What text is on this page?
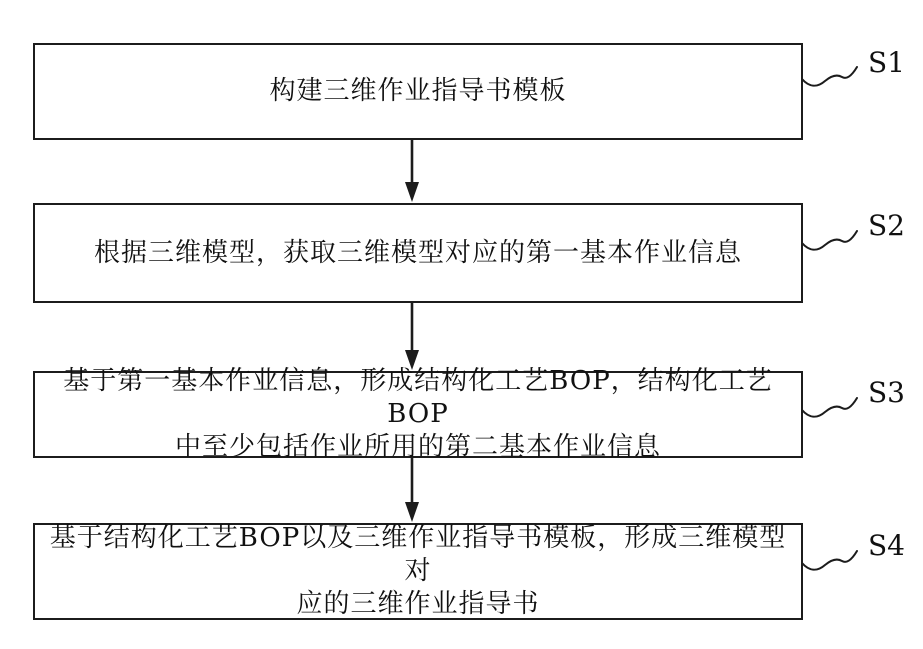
构建三维作业指导书模板
S1
根据三维模型，获取三维模型对应的第一基本作业信息
S2
基于第一基本作业信息，形成结构化工艺BOP，结构化工艺BOP
中至少包括作业所用的第二基本作业信息
S3
基于结构化工艺BOP以及三维作业指导书模板，形成三维模型对
应的三维作业指导书
S4
